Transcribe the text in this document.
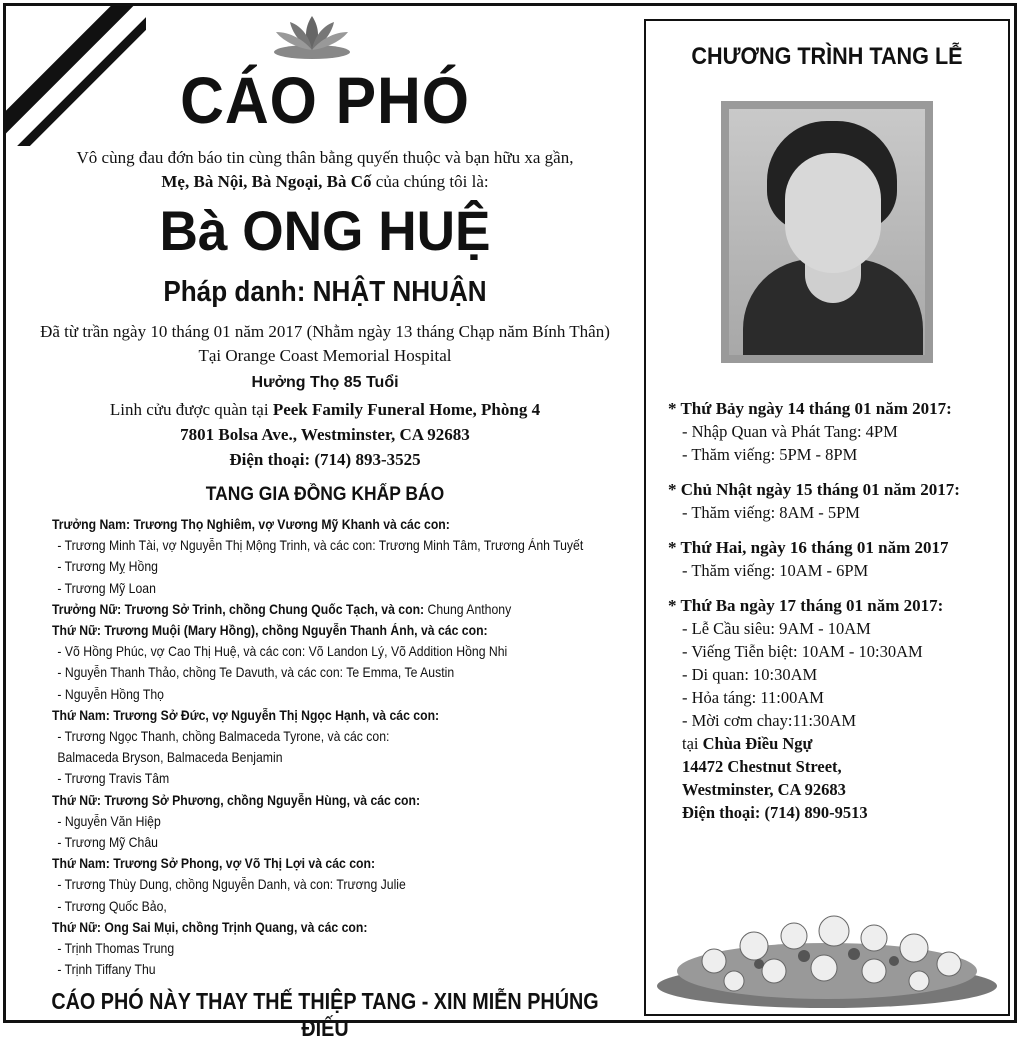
CÁO PHÓ
Vô cùng đau đớn báo tin cùng thân bằng quyến thuộc và bạn hữu xa gần,
Mẹ, Bà Nội, Bà Ngoại, Bà Cố của chúng tôi là:
Bà ONG HUỆ
Pháp danh: NHẬT NHUẬN
Đã từ trần ngày 10 tháng 01 năm 2017 (Nhằm ngày 13 tháng Chạp năm Bính Thân)
Tại Orange Coast Memorial Hospital
Hưởng Thọ 85 Tuổi
Linh cửu được quàn tại Peek Family Funeral Home, Phòng 4
7801 Bolsa Ave., Westminster, CA 92683
Điện thoại: (714) 893-3525
TANG GIA ĐỒNG KHẤP BÁO
Trưởng Nam: Trương Thọ Nghiêm, vợ Vương Mỹ Khanh và các con:
- Trương Minh Tài, vợ Nguyễn Thị Mộng Trinh, và các con: Trương Minh Tâm, Trương Ánh Tuyết
- Trương Mỵ Hồng
- Trương Mỹ Loan
Trưởng Nữ: Trương Sở Trinh, chồng Chung Quốc Tạch, và con: Chung Anthony
Thứ Nữ: Trương Muội (Mary Hồng), chồng Nguyễn Thanh Ánh, và các con:
- Võ Hồng Phúc, vợ Cao Thị Huệ, và các con: Võ Landon Lý, Võ Addition Hồng Nhi
- Nguyễn Thanh Thảo, chồng Te Davuth, và các con: Te Emma, Te Austin
- Nguyễn Hồng Thọ
Thứ Nam: Trương Sở Đức, vợ Nguyễn Thị Ngọc Hạnh, và các con:
- Trương Ngọc Thanh, chồng Balmaceda Tyrone, và các con:
Balmaceda Bryson, Balmaceda Benjamin
- Trương Travis Tâm
Thứ Nữ: Trương Sở Phương, chồng Nguyễn Hùng, và các con:
- Nguyễn Văn Hiệp
- Trương Mỹ Châu
Thứ Nam: Trương Sở Phong, vợ Võ Thị Lợi và các con:
- Trương Thùy Dung, chồng Nguyễn Danh, và con: Trương Julie
- Trương Quốc Bảo,
Thứ Nữ: Ong Sai Mụi, chồng Trịnh Quang, và các con:
- Trịnh Thomas Trung
- Trịnh Tiffany Thu
CÁO PHÓ NÀY THAY THẾ THIỆP TANG - XIN MIỄN PHÚNG ĐIẾU
CHƯƠNG TRÌNH TANG LỄ
* Thứ Bảy ngày 14 tháng 01 năm 2017:
- Nhập Quan và Phát Tang: 4PM
- Thăm viếng: 5PM - 8PM
* Chủ Nhật ngày 15 tháng 01 năm 2017:
- Thăm viếng: 8AM - 5PM
* Thứ Hai, ngày 16 tháng 01 năm 2017
- Thăm viếng: 10AM - 6PM
* Thứ Ba ngày 17 tháng 01 năm 2017:
- Lễ Cầu siêu: 9AM - 10AM
- Viếng Tiễn biệt: 10AM - 10:30AM
- Di quan: 10:30AM
- Hỏa táng: 11:00AM
- Mời cơm chay:11:30AM
tại Chùa Điều Ngự
14472 Chestnut Street,
Westminster, CA 92683
Điện thoại: (714) 890-9513
